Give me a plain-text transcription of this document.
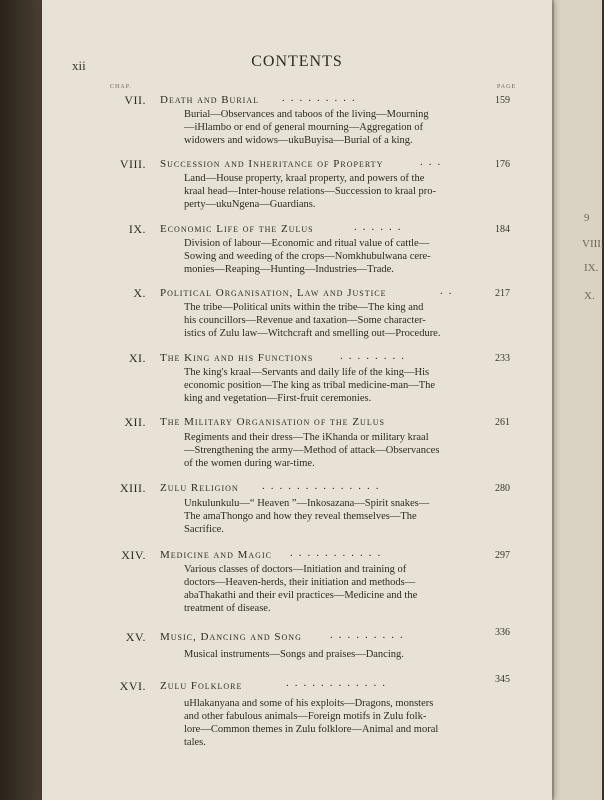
9
VIII.
IX.
X.
xii	CONTENTS
CHAP.	PAGE
VII. Death and Burial .........	159
Burial—Observances and taboos of the living—Mourning
—iHlambo or end of general mourning—Aggregation of
widowers and widows—ukuBuyisa—Burial of a king.
VIII. Succession and Inheritance of Property	...	176
Land—House property, kraal property, and powers of the
kraal head—Inter-house relations—Succession to kraal pro-
perty—ukuNgena—Guardians.
IX. Economic Life of the Zulus	......	184
Division of labour—Economic and ritual value of cattle—
Sowing and weeding of the crops—Nomkhubulwana cere-
monies—Reaping—Hunting—Industries—Trade.
X. Political Organisation, Law and Justice	..	217
The tribe—Political units within the tribe—The king and
his councillors—Revenue and taxation—Some character-
istics of Zulu law—Witchcraft and smelling out—Procedure.
XI. The King and his Functions ........	233
The king's kraal—Servants and daily life of the king—His
economic position—The king as tribal medicine-man—The
king and vegetation—First-fruit ceremonies.
XII. The Military Organisation of the Zulus	261
Regiments and their dress—The iKhanda or military kraal
—Strengthening the army—Method of attack—Observances
of the women during war-time.
XIII. Zulu Religion ..............	280
Unkulunkulu—“ Heaven ”—Inkosazana—Spirit snakes—
The amaThongo and how they reveal themselves—The
Sacrifice.
XIV. Medicine and Magic ...........	297
Various classes of doctors—Initiation and training of
doctors—Heaven-herds, their initiation and methods—
abaThakathi and their evil practices—Medicine and the
treatment of disease.
XV. Music, Dancing and Song	.........	336
Musical instruments—Songs and praises—Dancing.
XVI. Zulu Folklore	............	345
uHlakanyana and some of his exploits—Dragons, monsters
and other fabulous animals—Foreign motifs in Zulu folk-
lore—Common themes in Zulu folklore—Animal and moral
tales.
